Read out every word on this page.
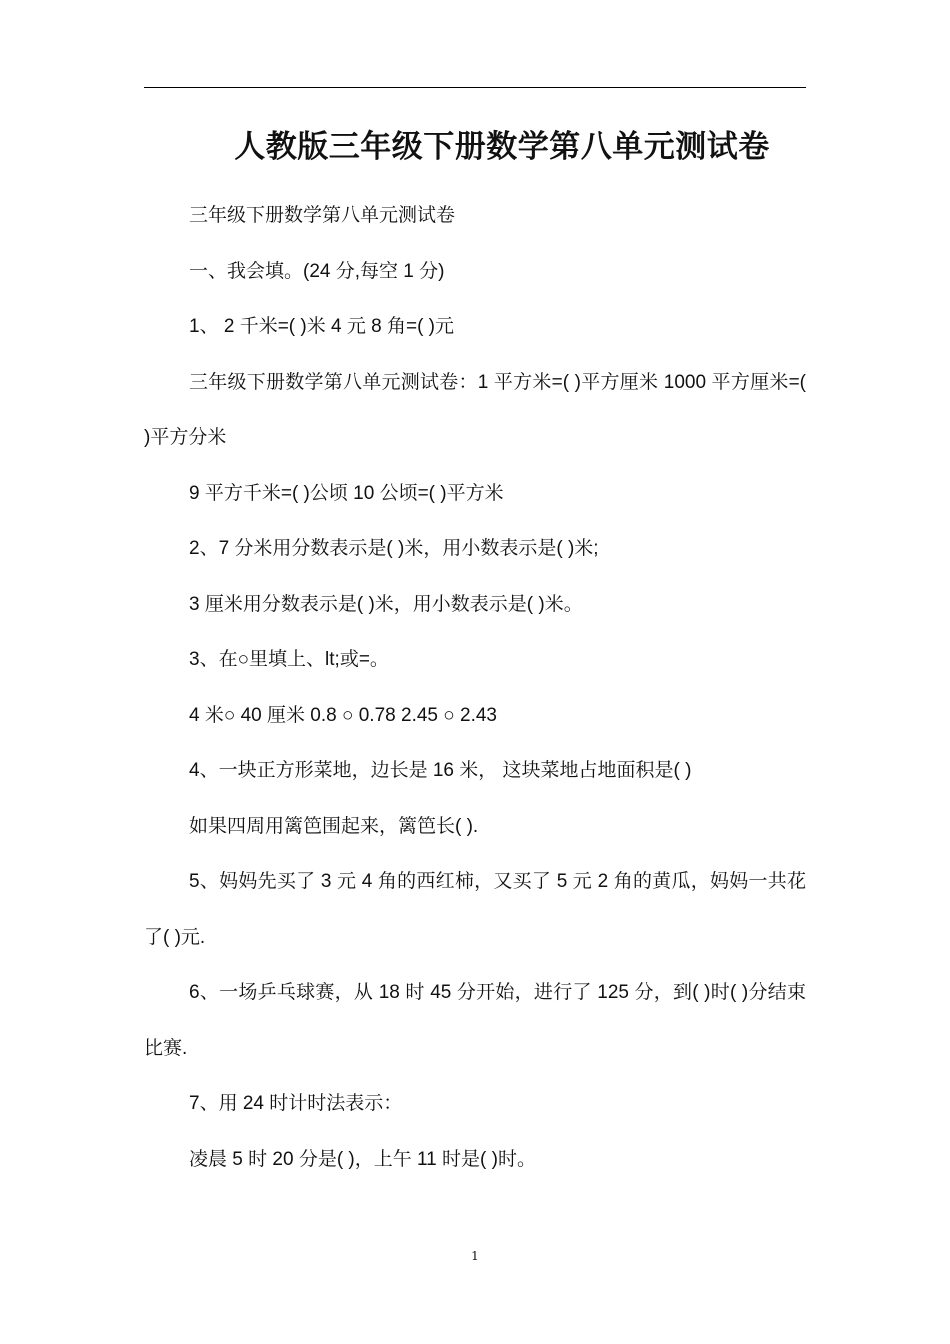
人教版三年级下册数学第八单元测试卷

三年级下册数学第八单元测试卷

一、我会填。(24 分,每空 1 分)

1、 2 千米=( )米 4 元 8 角=( )元

三年级下册数学第八单元测试卷：1 平方米=( )平方厘米 1000 平方厘米=( )平方分米

9 平方千米=( )公顷 10 公顷=( )平方米

2、7 分米用分数表示是( )米，用小数表示是( )米;

3 厘米用分数表示是( )米，用小数表示是( )米。

3、在○里填上、lt;或=。

4 米○ 40 厘米 0.8 ○ 0.78 2.45 ○ 2.43

4、一块正方形菜地，边长是 16 米， 这块菜地占地面积是( )

如果四周用篱笆围起来，篱笆长( ).

5、妈妈先买了 3 元 4 角的西红柿，又买了 5 元 2 角的黄瓜，妈妈一共花了( )元.

6、一场乒乓球赛，从 18 时 45 分开始，进行了 125 分，到( )时( )分结束比赛.

7、用 24 时计时法表示：

凌晨 5 时 20 分是( )，上午 11 时是( )时。

1
